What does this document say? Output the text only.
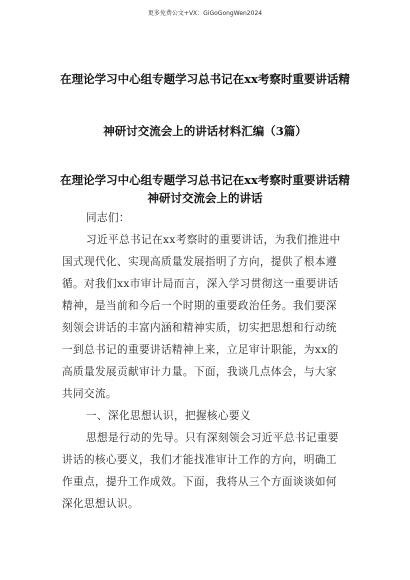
更多免费公文+VX：GiGoGongWen2024
在理论学习中心组专题学习总书记在xx考察时重要讲话精
神研讨交流会上的讲话材料汇编（3篇）
在理论学习中心组专题学习总书记在xx考察时重要讲话精
神研讨交流会上的讲话
同志们：
习近平总书记在xx考察时的重要讲话，为我们推进中
国式现代化、实现高质量发展指明了方向，提供了根本遵
循。对我们xx市审计局而言，深入学习贯彻这一重要讲话
精神，是当前和今后一个时期的重要政治任务。我们要深
刻领会讲话的丰富内涵和精神实质，切实把思想和行动统
一到总书记的重要讲话精神上来，立足审计职能，为xx的
高质量发展贡献审计力量。下面，我谈几点体会，与大家
共同交流。
一、深化思想认识，把握核心要义
思想是行动的先导。只有深刻领会习近平总书记重要
讲话的核心要义，我们才能找准审计工作的方向，明确工
作重点，提升工作成效。下面，我将从三个方面谈谈如何
深化思想认识。
